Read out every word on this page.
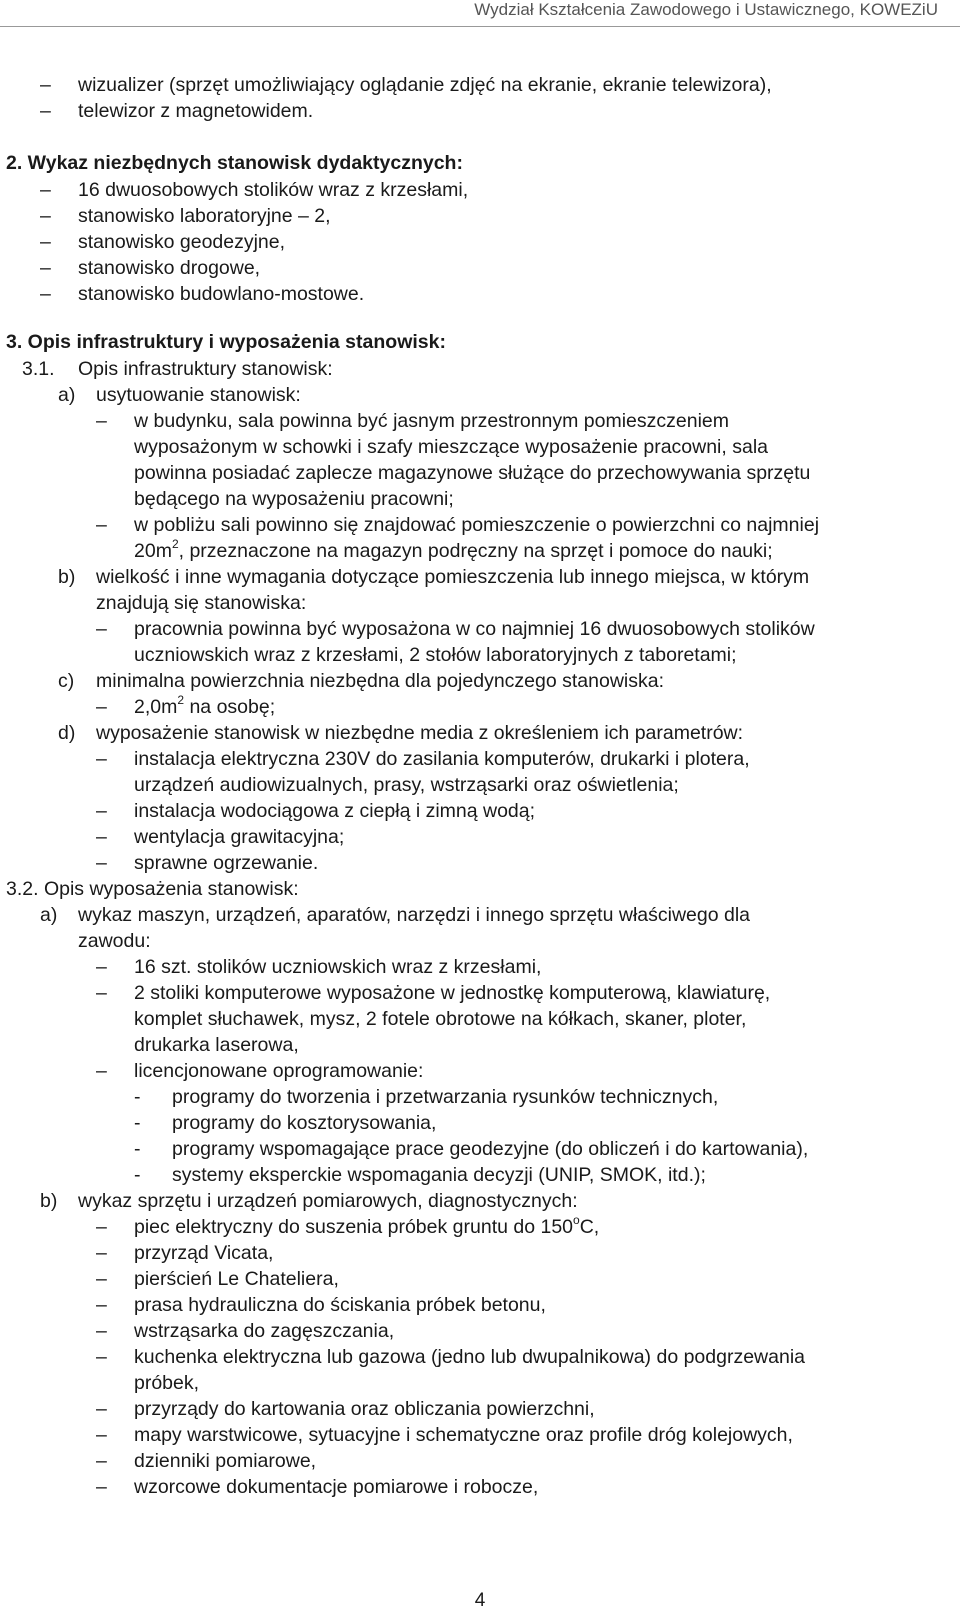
Wydział Kształcenia Zawodowego i Ustawicznego, KOWEZiU
– wizualizer (sprzęt umożliwiający oglądanie zdjęć na ekranie, ekranie telewizora),
– telewizor z magnetowidem.
2. Wykaz niezbędnych stanowisk dydaktycznych:
– 16 dwuosobowych stolików wraz z krzesłami,
– stanowisko laboratoryjne – 2,
– stanowisko geodezyjne,
– stanowisko drogowe,
– stanowisko budowlano-mostowe.
3. Opis infrastruktury i wyposażenia stanowisk:
3.1. Opis infrastruktury stanowisk:
a) usytuowanie stanowisk:
– w budynku, sala powinna być jasnym przestronnym pomieszczeniem
wyposażonym w schowki i szafy mieszczące wyposażenie pracowni, sala
powinna posiadać zaplecze magazynowe służące do przechowywania sprzętu
będącego na wyposażeniu pracowni;
– w pobliżu sali powinno się znajdować pomieszczenie o powierzchni co najmniej
$20m^2$, przeznaczone na magazyn podręczny na sprzęt i pomoce do nauki;
b) wielkość i inne wymagania dotyczące pomieszczenia lub innego miejsca, w którym
znajdują się stanowiska:
– pracownia powinna być wyposażona w co najmniej 16 dwuosobowych stolików
uczniowskich wraz z krzesłami, 2 stołów laboratoryjnych z taboretami;
c) minimalna powierzchnia niezbędna dla pojedynczego stanowiska:
– $2,0m^2$ na osobę;
d) wyposażenie stanowisk w niezbędne media z określeniem ich parametrów:
– instalacja elektryczna 230V do zasilania komputerów, drukarki i plotera,
urządzeń audiowizualnych, prasy, wstrząsarki oraz oświetlenia;
– instalacja wodociągowa z ciepłą i zimną wodą;
– wentylacja grawitacyjna;
– sprawne ogrzewanie.
3.2. Opis wyposażenia stanowisk:
a) wykaz maszyn, urządzeń, aparatów, narzędzi i innego sprzętu właściwego dla
zawodu:
– 16 szt. stolików uczniowskich wraz z krzesłami,
– 2 stoliki komputerowe wyposażone w jednostkę komputerową, klawiaturę,
komplet słuchawek, mysz, 2 fotele obrotowe na kółkach, skaner, ploter,
drukarka laserowa,
– licencjonowane oprogramowanie:
- programy do tworzenia i przetwarzania rysunków technicznych,
- programy do kosztorysowania,
- programy wspomagające prace geodezyjne (do obliczeń i do kartowania),
- systemy eksperckie wspomagania decyzji (UNIP, SMOK, itd.);
b) wykaz sprzętu i urządzeń pomiarowych, diagnostycznych:
– piec elektryczny do suszenia próbek gruntu do 150$^o$C,
– przyrząd Vicata,
– pierścień Le Chateliera,
– prasa hydrauliczna do ściskania próbek betonu,
– wstrząsarka do zagęszczania,
– kuchenka elektryczna lub gazowa (jedno lub dwupalnikowa) do podgrzewania
próbek,
– przyrządy do kartowania oraz obliczania powierzchni,
– mapy warstwicowe, sytuacyjne i schematyczne oraz profile dróg kolejowych,
– dzienniki pomiarowe,
– wzorcowe dokumentacje pomiarowe i robocze,
4
